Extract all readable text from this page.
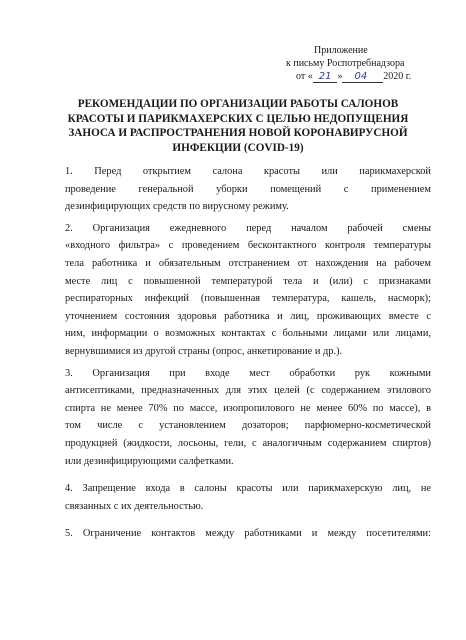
Приложение
к письму Роспотребнадзора
от « 21 » 04 2020 г.
РЕКОМЕНДАЦИИ ПО ОРГАНИЗАЦИИ РАБОТЫ САЛОНОВ
КРАСОТЫ И ПАРИКМАХЕРСКИХ С ЦЕЛЬЮ НЕДОПУЩЕНИЯ
ЗАНОСА И РАСПРОСТРАНЕНИЯ НОВОЙ КОРОНАВИРУСНОЙ
ИНФЕКЦИИ (COVID-19)
1. Перед открытием салона красоты или парикмахерской
проведение генеральной уборки помещений с применением
дезинфицирующих средств по вирусному режиму.
2. Организация ежедневного перед началом рабочей смены
«входного фильтра» с проведением бесконтактного контроля температуры
тела работника и обязательным отстранением от нахождения на рабочем
месте лиц с повышенной температурой тела и (или) с признаками
респираторных инфекций (повышенная температура, кашель, насморк);
уточнением состояния здоровья работника и лиц, проживающих вместе с
ним, информации о возможных контактах с больными лицами или лицами,
вернувшимися из другой страны (опрос, анкетирование и др.).
3. Организация при входе мест обработки рук кожными
антисептиками, предназначенных для этих целей (с содержанием этилового
спирта не менее 70% по массе, изопропилового не менее 60% по массе), в
том числе с установлением дозаторов; парфюмерно-косметической
продукцией (жидкости, лосьоны, гели, с аналогичным содержанием спиртов)
или дезинфицирующими салфетками.
4. Запрещение входа в салоны красоты или парикмахерскую лиц, не
связанных с их деятельностью.
5. Ограничение контактов между работниками и между посетителями:
